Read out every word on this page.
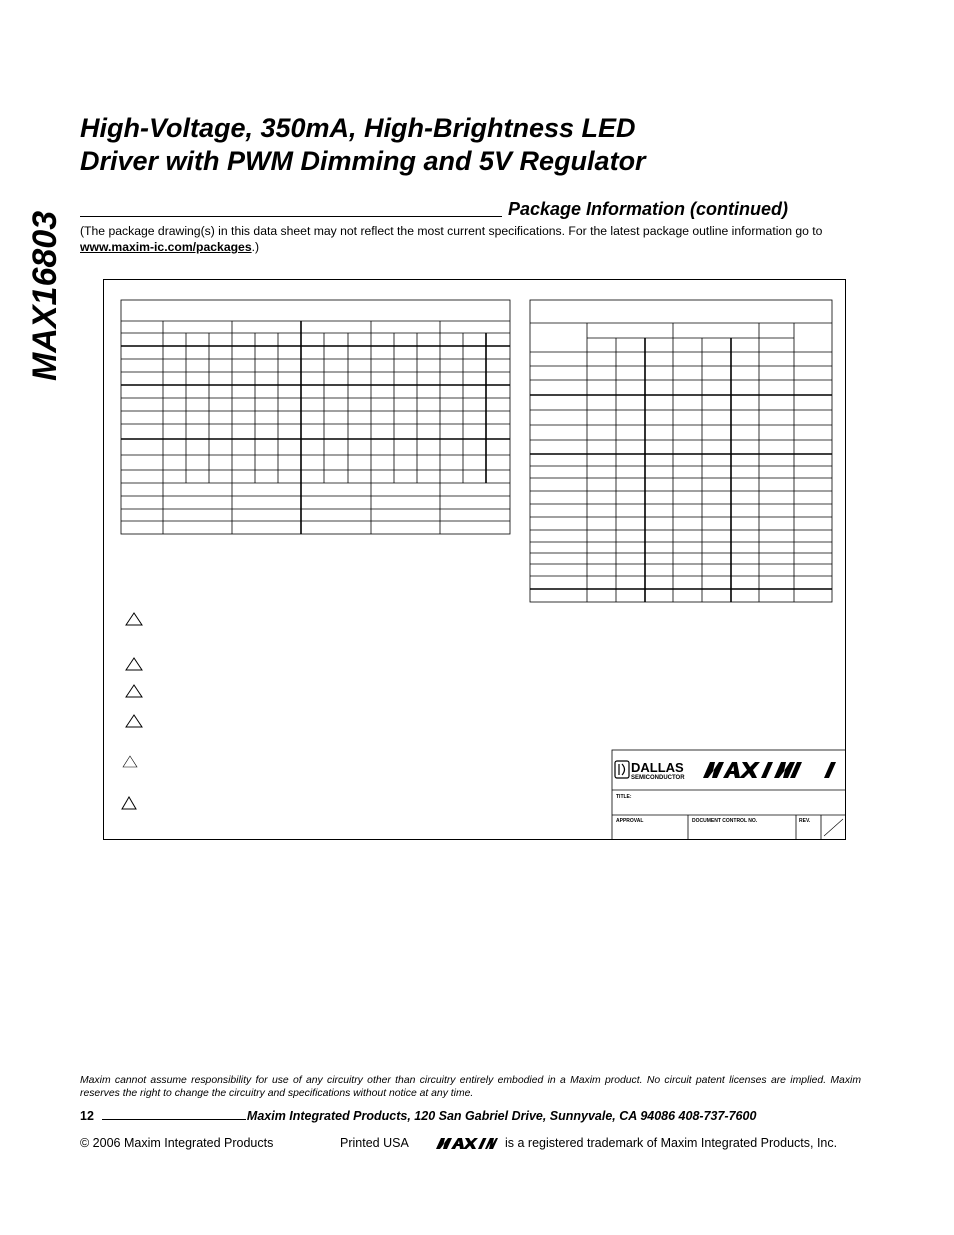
MAX16803
High-Voltage, 350mA, High-Brightness LED
Driver with PWM Dimming and 5V Regulator
Package Information (continued)
(The package drawing(s) in this data sheet may not reflect the most current specifications. For the latest package outline information go to www.maxim-ic.com/packages.)
DALLAS
SEMICONDUCTOR
TITLE:
APPROVAL	DOCUMENT CONTROL NO.	REV.
Maxim cannot assume responsibility for use of any circuitry other than circuitry entirely embodied in a Maxim product. No circuit patent licenses are implied. Maxim reserves the right to change the circuitry and specifications without notice at any time.
12	Maxim Integrated Products, 120 San Gabriel Drive, Sunnyvale, CA 94086 408-737-7600
© 2006 Maxim Integrated Products	Printed USA	is a registered trademark of Maxim Integrated Products, Inc.
